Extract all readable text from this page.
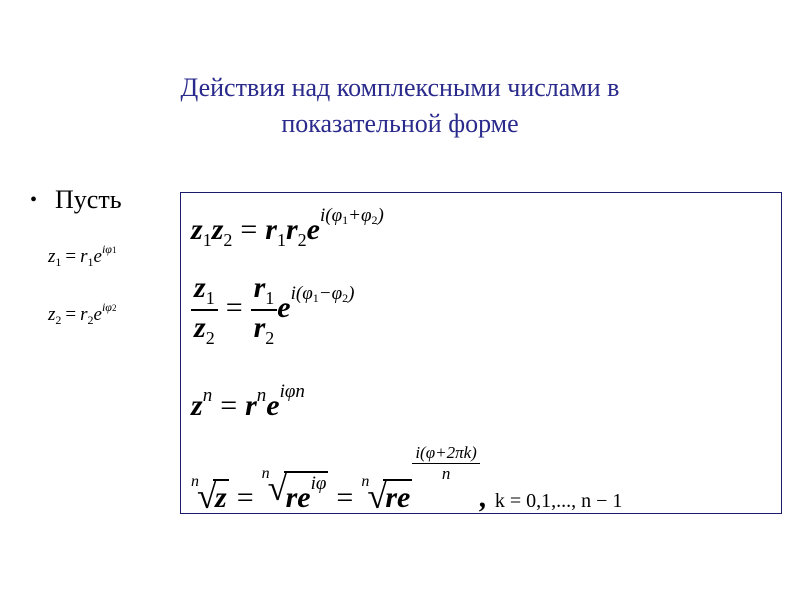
Действия над комплексными числами в
показательной форме
• Пусть
$z_1 = r_1e^{i\varphi 1}$
$z_2 = r_2e^{i\varphi 2}$
$z_1z_2 = r_1r_2e^{i(\varphi_1+\varphi_2)}$
$\frac{z_1}{z_2} = \frac{r_1}{r_2} e^{i(\varphi_1-\varphi_2)}$
$z^n = r^ne^{i\varphi n}$
n
√
z =
n
√
$re^{i\varphi} = n$
√
re
$\frac{i(\varphi+2\pi k)}{n}$
, k = 0,1,..., n − 1
